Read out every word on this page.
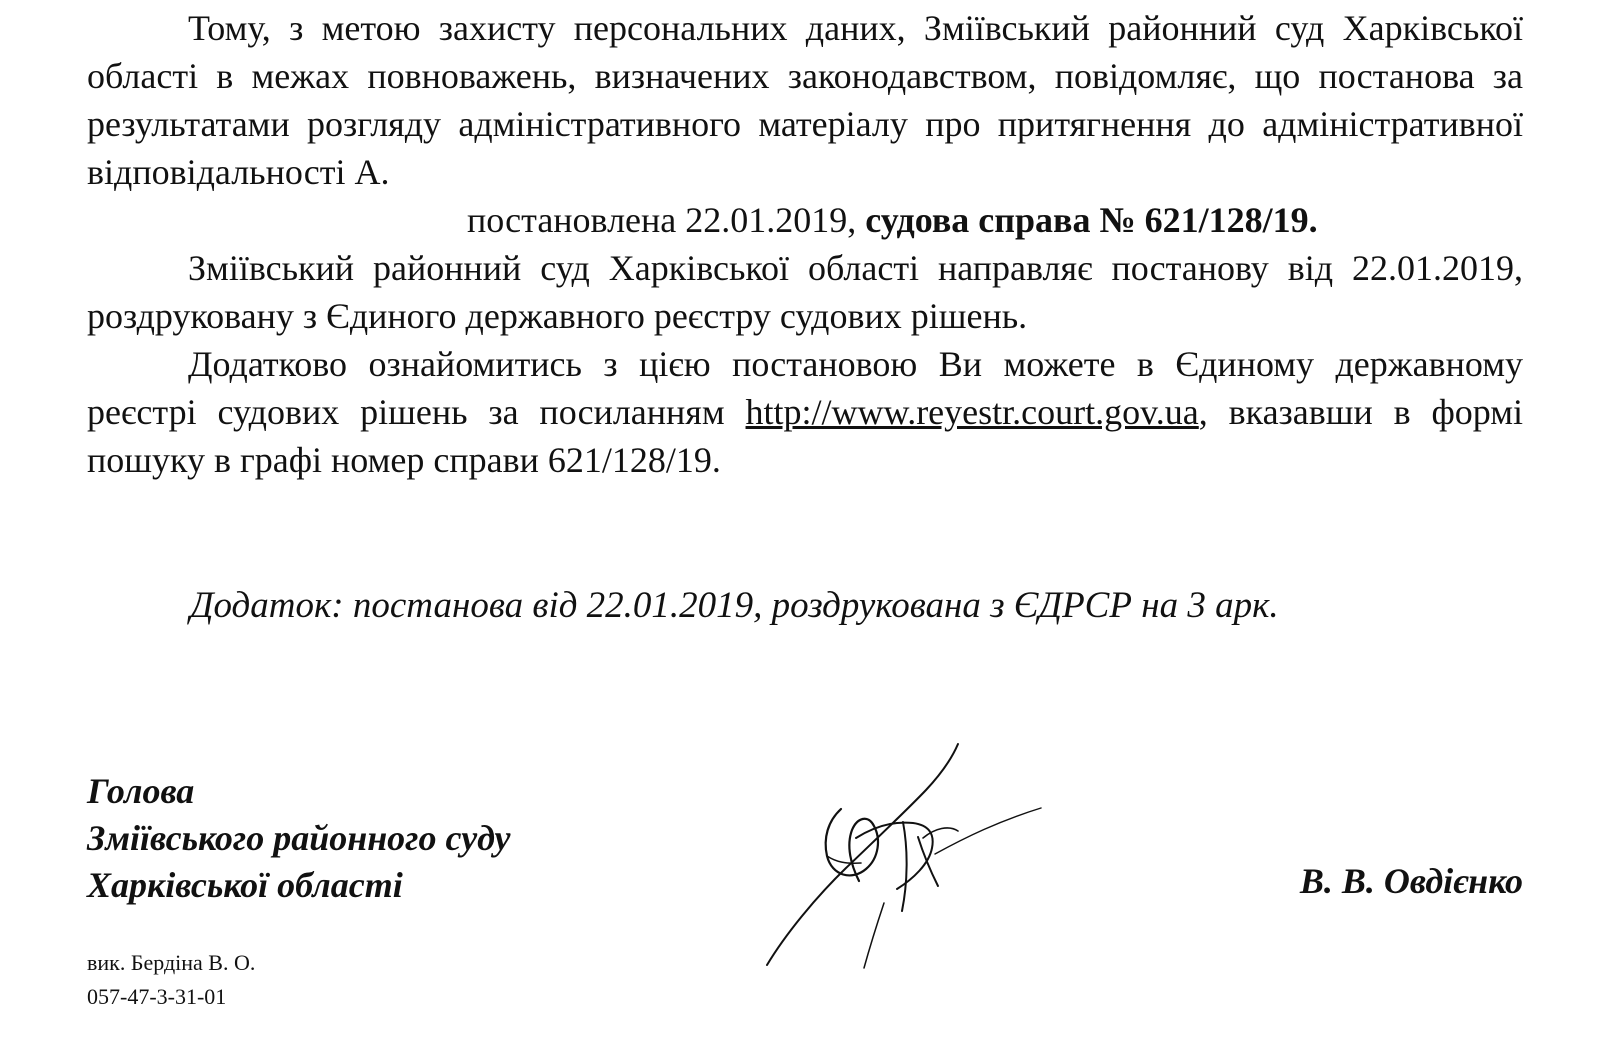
Тому, з метою захисту персональних даних, Зміївський районний суд Харківської області в межах повноважень, визначених законодавством, повідомляє, що постанова за результатами розгляду адміністративного матеріалу про притягнення до адміністративної відповідальності А.

постановлена 22.01.2019, судова справа № 621/128/19.

Зміївський районний суд Харківської області направляє постанову від 22.01.2019, роздруковану з Єдиного державного реєстру судових рішень.

Додатково ознайомитись з цією постановою Ви можете в Єдиному державному реєстрі судових рішень за посиланням http://www.reyestr.court.gov.ua, вказавши в формі пошуку в графі номер справи 621/128/19.

Додаток: постанова від 22.01.2019, роздрукована з ЄДРСР на 3 арк.
Голова
Зміївського районного суду
Харківської області	В. В. Овдієнко
вик. Бердіна В. О.
057-47-3-31-01
